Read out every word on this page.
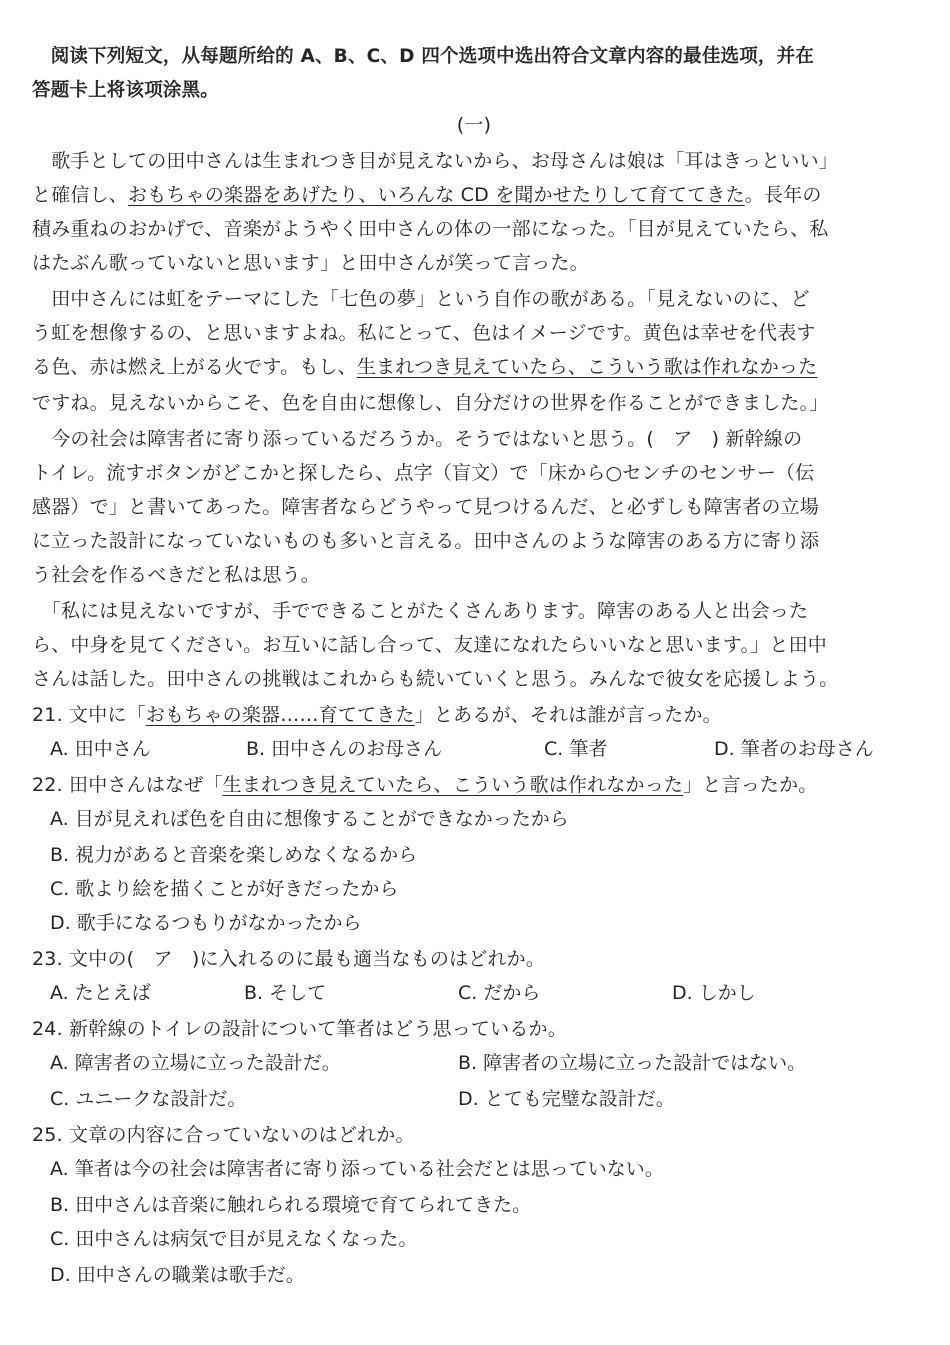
　阅读下列短文，从每题所给的 A、B、C、D 四个选项中选出符合文章内容的最佳选项，并在
答题卡上将该项涂黑。
(一)
　歌手としての田中さんは生まれつき目が見えないから、お母さんは娘は「耳はきっといい」
と確信し、おもちゃの楽器をあげたり、いろんな CD を聞かせたりして育ててきた。長年の
積み重ねのおかげで、音楽がようやく田中さんの体の一部になった。「目が見えていたら、私
はたぶん歌っていないと思います」と田中さんが笑って言った。
　田中さんには虹をテーマにした「七色の夢」という自作の歌がある。「見えないのに、ど
う虹を想像するの、と思いますよね。私にとって、色はイメージです。黄色は幸せを代表す
る色、赤は燃え上がる火です。もし、生まれつき見えていたら、こういう歌は作れなかった
ですね。見えないからこそ、色を自由に想像し、自分だけの世界を作ることができました。」
　今の社会は障害者に寄り添っているだろうか。そうではないと思う。(　ア　) 新幹線の
トイレ。流すボタンがどこかと探したら、点字（盲文）で「床から○センチのセンサー（伝
感器）で」と書いてあった。障害者ならどうやって見つけるんだ、と必ずしも障害者の立場
に立った設計になっていないものも多いと言える。田中さんのような障害のある方に寄り添
う社会を作るべきだと私は思う。
　「私には見えないですが、手でできることがたくさんあります。障害のある人と出会った
ら、中身を見てください。お互いに話し合って、友達になれたらいいなと思います。」と田中
さんは話した。田中さんの挑戦はこれからも続いていくと思う。みんなで彼女を応援しよう。
21. 文中に「おもちゃの楽器……育ててきた」とあるが、それは誰が言ったか。
A. 田中さん	B. 田中さんのお母さん	C. 筆者	D. 筆者のお母さん
22. 田中さんはなぜ「生まれつき見えていたら、こういう歌は作れなかった」と言ったか。
A. 目が見えれば色を自由に想像することができなかったから
B. 視力があると音楽を楽しめなくなるから
C. 歌より絵を描くことが好きだったから
D. 歌手になるつもりがなかったから
23. 文中の(　ア　)に入れるのに最も適当なものはどれか。
A. たとえば	B. そして	C. だから	D. しかし
24. 新幹線のトイレの設計について筆者はどう思っているか。
A. 障害者の立場に立った設計だ。	B. 障害者の立場に立った設計ではない。
C. ユニークな設計だ。	D. とても完璧な設計だ。
25. 文章の内容に合っていないのはどれか。
A. 筆者は今の社会は障害者に寄り添っている社会だとは思っていない。
B. 田中さんは音楽に触れられる環境で育てられてきた。
C. 田中さんは病気で目が見えなくなった。
D. 田中さんの職業は歌手だ。
